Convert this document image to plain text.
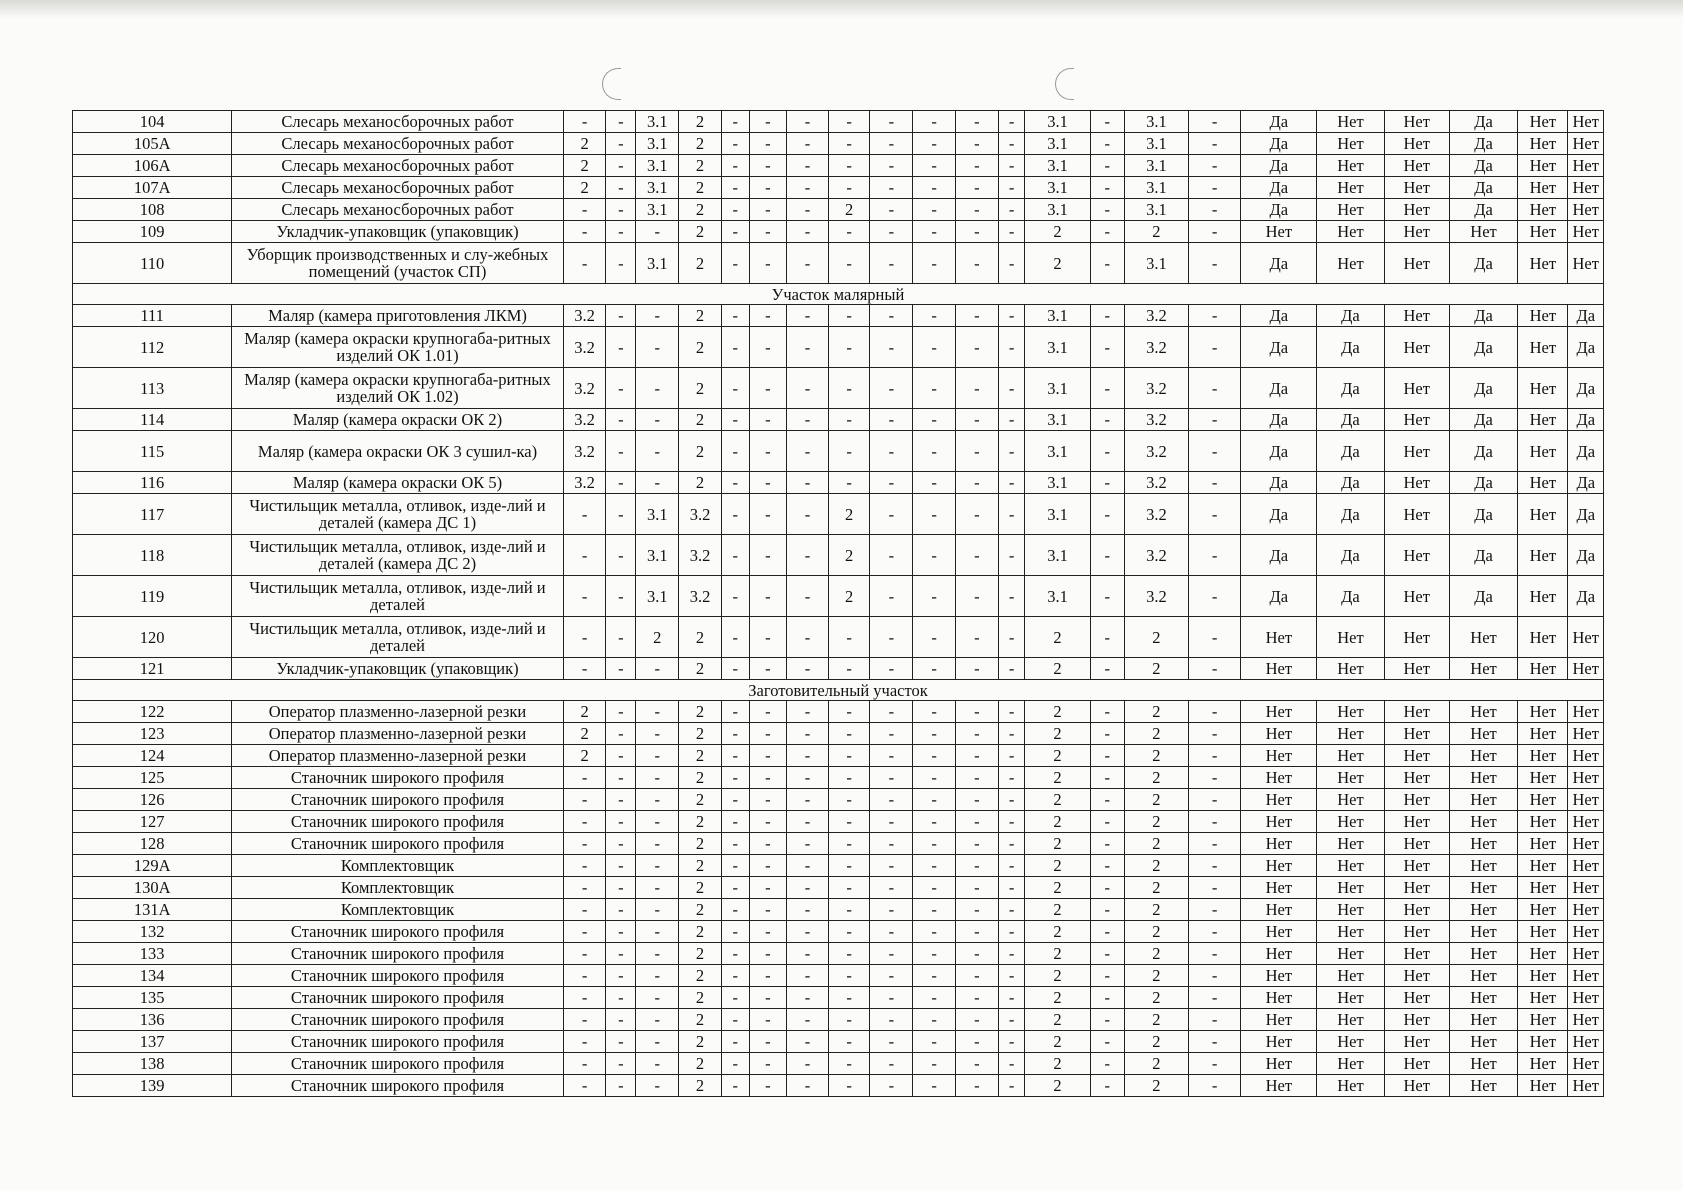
104	Слесарь механосборочных работ	-	-	3.1	2	-	-	-	-	-	-	-	-	3.1	-	3.1	-	Да	Нет	Нет	Да	Нет	Нет
105А	Слесарь механосборочных работ	2	-	3.1	2	-	-	-	-	-	-	-	-	3.1	-	3.1	-	Да	Нет	Нет	Да	Нет	Нет
106А	Слесарь механосборочных работ	2	-	3.1	2	-	-	-	-	-	-	-	-	3.1	-	3.1	-	Да	Нет	Нет	Да	Нет	Нет
107А	Слесарь механосборочных работ	2	-	3.1	2	-	-	-	-	-	-	-	-	3.1	-	3.1	-	Да	Нет	Нет	Да	Нет	Нет
108	Слесарь механосборочных работ	-	-	3.1	2	-	-	-	2	-	-	-	-	3.1	-	3.1	-	Да	Нет	Нет	Да	Нет	Нет
109	Укладчик-упаковщик (упаковщик)	-	-	-	2	-	-	-	-	-	-	-	-	2	-	2	-	Нет	Нет	Нет	Нет	Нет	Нет
110	Уборщик производственных и слу-жебных помещений (участок СП)	-	-	3.1	2	-	-	-	-	-	-	-	-	2	-	3.1	-	Да	Нет	Нет	Да	Нет	Нет
Участок малярный																							
111	Маляр (камера приготовления ЛКМ)	3.2	-	-	2	-	-	-	-	-	-	-	-	3.1	-	3.2	-	Да	Да	Нет	Да	Нет	Да
112	Маляр (камера окраски крупногаба-ритных изделий ОК 1.01)	3.2	-	-	2	-	-	-	-	-	-	-	-	3.1	-	3.2	-	Да	Да	Нет	Да	Нет	Да
113	Маляр (камера окраски крупногаба-ритных изделий ОК 1.02)	3.2	-	-	2	-	-	-	-	-	-	-	-	3.1	-	3.2	-	Да	Да	Нет	Да	Нет	Да
114	Маляр (камера окраски ОК 2)	3.2	-	-	2	-	-	-	-	-	-	-	-	3.1	-	3.2	-	Да	Да	Нет	Да	Нет	Да
115	Маляр (камера окраски ОК 3 сушил-ка)	3.2	-	-	2	-	-	-	-	-	-	-	-	3.1	-	3.2	-	Да	Да	Нет	Да	Нет	Да
116	Маляр (камера окраски ОК 5)	3.2	-	-	2	-	-	-	-	-	-	-	-	3.1	-	3.2	-	Да	Да	Нет	Да	Нет	Да
117	Чистильщик металла, отливок, изде-лий и деталей (камера ДС 1)	-	-	3.1	3.2	-	-	-	2	-	-	-	-	3.1	-	3.2	-	Да	Да	Нет	Да	Нет	Да
118	Чистильщик металла, отливок, изде-лий и деталей (камера ДС 2)	-	-	3.1	3.2	-	-	-	2	-	-	-	-	3.1	-	3.2	-	Да	Да	Нет	Да	Нет	Да
119	Чистильщик металла, отливок, изде-лий и деталей	-	-	3.1	3.2	-	-	-	2	-	-	-	-	3.1	-	3.2	-	Да	Да	Нет	Да	Нет	Да
120	Чистильщик металла, отливок, изде-лий и деталей	-	-	2	2	-	-	-	-	-	-	-	-	2	-	2	-	Нет	Нет	Нет	Нет	Нет	Нет
121	Укладчик-упаковщик (упаковщик)	-	-	-	2	-	-	-	-	-	-	-	-	2	-	2	-	Нет	Нет	Нет	Нет	Нет	Нет
Заготовительный участок																							
122	Оператор плазменно-лазерной резки	2	-	-	2	-	-	-	-	-	-	-	-	2	-	2	-	Нет	Нет	Нет	Нет	Нет	Нет
123	Оператор плазменно-лазерной резки	2	-	-	2	-	-	-	-	-	-	-	-	2	-	2	-	Нет	Нет	Нет	Нет	Нет	Нет
124	Оператор плазменно-лазерной резки	2	-	-	2	-	-	-	-	-	-	-	-	2	-	2	-	Нет	Нет	Нет	Нет	Нет	Нет
125	Станочник широкого профиля	-	-	-	2	-	-	-	-	-	-	-	-	2	-	2	-	Нет	Нет	Нет	Нет	Нет	Нет
126	Станочник широкого профиля	-	-	-	2	-	-	-	-	-	-	-	-	2	-	2	-	Нет	Нет	Нет	Нет	Нет	Нет
127	Станочник широкого профиля	-	-	-	2	-	-	-	-	-	-	-	-	2	-	2	-	Нет	Нет	Нет	Нет	Нет	Нет
128	Станочник широкого профиля	-	-	-	2	-	-	-	-	-	-	-	-	2	-	2	-	Нет	Нет	Нет	Нет	Нет	Нет
129А	Комплектовщик	-	-	-	2	-	-	-	-	-	-	-	-	2	-	2	-	Нет	Нет	Нет	Нет	Нет	Нет
130А	Комплектовщик	-	-	-	2	-	-	-	-	-	-	-	-	2	-	2	-	Нет	Нет	Нет	Нет	Нет	Нет
131А	Комплектовщик	-	-	-	2	-	-	-	-	-	-	-	-	2	-	2	-	Нет	Нет	Нет	Нет	Нет	Нет
132	Станочник широкого профиля	-	-	-	2	-	-	-	-	-	-	-	-	2	-	2	-	Нет	Нет	Нет	Нет	Нет	Нет
133	Станочник широкого профиля	-	-	-	2	-	-	-	-	-	-	-	-	2	-	2	-	Нет	Нет	Нет	Нет	Нет	Нет
134	Станочник широкого профиля	-	-	-	2	-	-	-	-	-	-	-	-	2	-	2	-	Нет	Нет	Нет	Нет	Нет	Нет
135	Станочник широкого профиля	-	-	-	2	-	-	-	-	-	-	-	-	2	-	2	-	Нет	Нет	Нет	Нет	Нет	Нет
136	Станочник широкого профиля	-	-	-	2	-	-	-	-	-	-	-	-	2	-	2	-	Нет	Нет	Нет	Нет	Нет	Нет
137	Станочник широкого профиля	-	-	-	2	-	-	-	-	-	-	-	-	2	-	2	-	Нет	Нет	Нет	Нет	Нет	Нет
138	Станочник широкого профиля	-	-	-	2	-	-	-	-	-	-	-	-	2	-	2	-	Нет	Нет	Нет	Нет	Нет	Нет
139	Станочник широкого профиля	-	-	-	2	-	-	-	-	-	-	-	-	2	-	2	-	Нет	Нет	Нет	Нет	Нет	Нет
